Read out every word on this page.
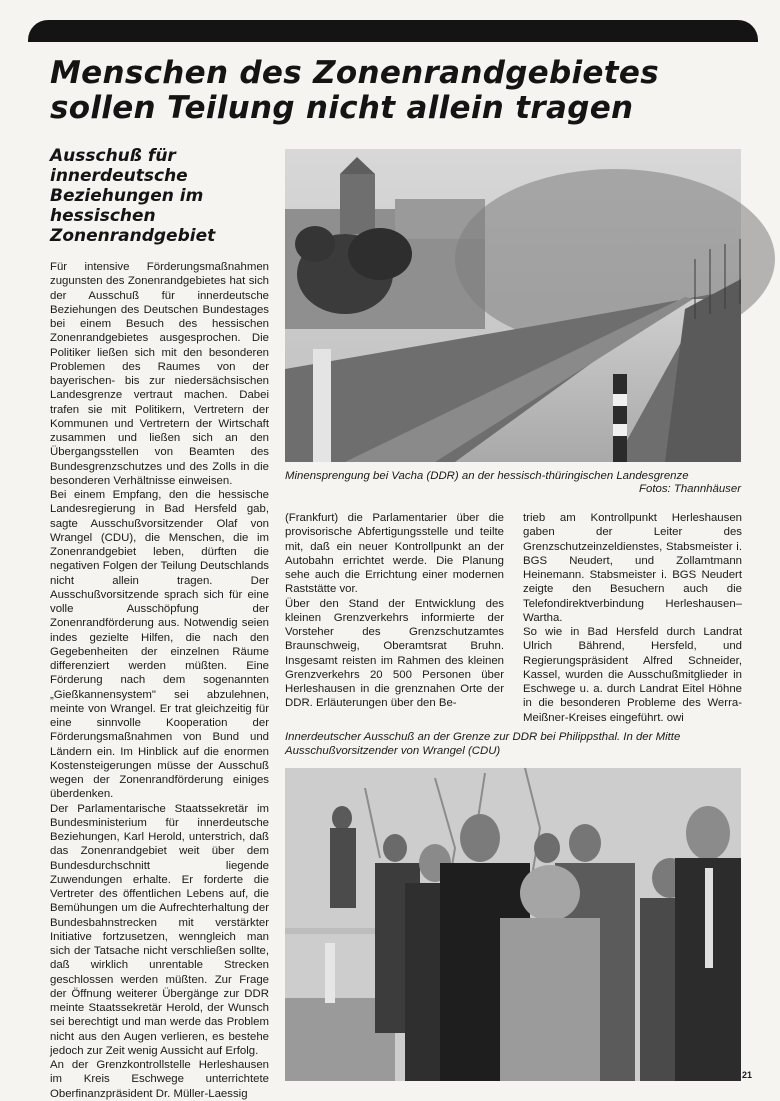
Menschen des Zonenrandgebietes sollen Teilung nicht allein tragen
Ausschuß für innerdeutsche Beziehungen im hessischen Zonenrandgebiet
Für intensive Förderungsmaßnahmen zugunsten des Zonenrandgebietes hat sich der Ausschuß für innerdeutsche Beziehungen des Deutschen Bundestages bei einem Besuch des hessischen Zonenrandgebietes ausgesprochen. Die Politiker ließen sich mit den besonderen Problemen des Raumes von der bayerischen- bis zur niedersächsischen Landesgrenze vertraut machen. Dabei trafen sie mit Politikern, Vertretern der Kommunen und Vertretern der Wirtschaft zusammen und ließen sich an den Übergangsstellen von Beamten des Bundesgrenzschutzes und des Zolls in die besonderen Verhältnisse einweisen.
Bei einem Empfang, den die hessische Landesregierung in Bad Hersfeld gab, sagte Ausschußvorsitzender Olaf von Wrangel (CDU), die Menschen, die im Zonenrandgebiet leben, dürften die negativen Folgen der Teilung Deutschlands nicht allein tragen. Der Ausschußvorsitzende sprach sich für eine volle Ausschöpfung der Zonenrandförderung aus. Notwendig seien indes gezielte Hilfen, die nach den Gegebenheiten der einzelnen Räume differenziert werden müßten. Eine Förderung nach dem sogenannten „Gießkannensystem" sei abzulehnen, meinte von Wrangel. Er trat gleichzeitig für eine sinnvolle Kooperation der Förderungsmaßnahmen von Bund und Ländern ein. Im Hinblick auf die enormen Kostensteigerungen müsse der Ausschuß wegen der Zonenrandförderung einiges überdenken.
Der Parlamentarische Staatssekretär im Bundesministerium für innerdeutsche Beziehungen, Karl Herold, unterstrich, daß das Zonenrandgebiet weit über dem Bundesdurchschnitt liegende Zuwendungen erhalte. Er forderte die Vertreter des öffentlichen Lebens auf, die Bemühungen um die Aufrechterhaltung der Bundesbahnstrecken mit verstärkter Initiative fortzusetzen, wenngleich man sich der Tatsache nicht verschließen sollte, daß wirklich unrentable Strecken geschlossen werden müßten. Zur Frage der Öffnung weiterer Übergänge zur DDR meinte Staatssekretär Herold, der Wunsch sei berechtigt und man werde das Problem nicht aus den Augen verlieren, es bestehe jedoch zur Zeit wenig Aussicht auf Erfolg.
An der Grenzkontrollstelle Herleshausen im Kreis Eschwege unterrichtete Oberfinanzpräsident Dr. Müller-Laessig
Minensprengung bei Vacha (DDR) an der hessisch-thüringischen Landesgrenze
Fotos: Thannhäuser
(Frankfurt) die Parlamentarier über die provisorische Abfertigungsstelle und teilte mit, daß ein neuer Kontrollpunkt an der Autobahn errichtet werde. Die Planung sehe auch die Errichtung einer modernen Raststätte vor.
Über den Stand der Entwicklung des kleinen Grenzverkehrs informierte der Vorsteher des Grenzschutzamtes Braunschweig, Oberamtsrat Bruhn. Insgesamt reisten im Rahmen des kleinen Grenzverkehrs 20 500 Personen über Herleshausen in die grenznahen Orte der DDR. Erläuterungen über den Be-
trieb am Kontrollpunkt Herleshausen gaben der Leiter des Grenzschutzeinzeldienstes, Stabsmeister i. BGS Neudert, und Zollamtmann Heinemann. Stabsmeister i. BGS Neudert zeigte den Besuchern auch die Telefondirektverbindung Herleshausen–Wartha.
So wie in Bad Hersfeld durch Landrat Ulrich Bährend, Hersfeld, und Regierungspräsident Alfred Schneider, Kassel, wurden die Ausschußmitglieder in Eschwege u. a. durch Landrat Eitel Höhne in die besonderen Probleme des Werra-Meißner-Kreises eingeführt. owi
Innerdeutscher Ausschuß an der Grenze zur DDR bei Philippsthal. In der Mitte Ausschußvorsitzender von Wrangel (CDU)
21
